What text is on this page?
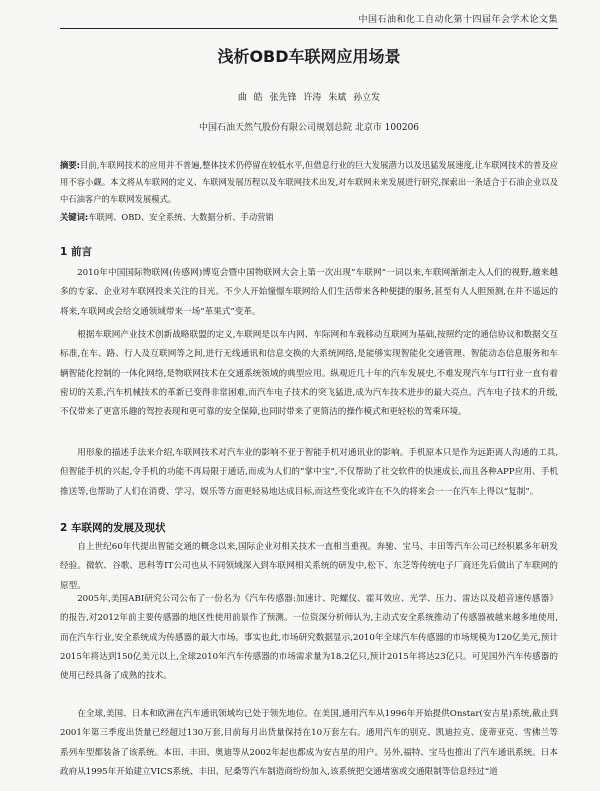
中国石油和化工自动化第十四届年会学术论文集
浅析OBD车联网应用场景
曲 皓 张先锋 许涛 朱斌 孙立发
中国石油天然气股份有限公司规划总院 北京市 100206
摘要:目前,车联网技术的应用并不普遍,整体技术仍停留在较低水平,但借息行业的巨大发展潜力以及迅猛发展速度,让车联网技术的普及应用不容小觑。本文将从车联网的定义、车联网发展历程以及车联网技术出发,对车联网未来发展进行研究,探索出一条适合于石油企业以及中石油客户的车联网发展模式。
关键词:车联网、OBD、安全系统、大数据分析、手动营销
1 前言
2010年中国国际物联网(传感网)博览会暨中国物联网大会上第一次出现“车联网”一词以来,车联网渐渐走入人们的视野,越来越多的专家、企业对车联网投来关注的目光。不少人开始憧憬车联网给人们生活带来各种便捷的服务,甚至有人人胆预测,在并不遥远的将来,车联网或会给交通领域带来一场“革果式”变革。
根据车联网产业技术创新战略联盟的定义,车联网是以车内网、车际网和车载移动互联网为基础,按照约定的通信协议和数据交互标准,在车、路、行人及互联网等之间,进行无线通讯和信息交换的大系统网络,是能够实现智能化交通管理、智能动态信息服务和车辆智能化控制的一体化网络,是物联网技术在交通系统领域的典型应用。纵观近几十年的汽车发展史,不难发现汽车与IT行业一直有着密切的关系,汽车机械技术的革新已变得非常困难,而汽车电子技术的突飞猛进,成为汽车技术进步的最大亮点。汽车电子技术的升级,不仅带来了更富乐趣的驾控表现和更可靠的安全保障,也同时带来了更简洁的操作模式和更轻松的驾乘环境。
用形象的描述手法来介绍,车联网技术对汽车业的影响不亚于智能手机对通讯业的影响。手机原本只是作为远距离人沟通的工具,但智能手机的兴起,令手机的功能不再局限于通话,而成为人们的“掌中宝”,不仅帮助了社交软件的快速成长,而且各种APP应用、手机推送等,也帮助了人们在消费、学习、娱乐等方面更轻易地达成目标,而这些变化或许在不久的将来会一一在汽车上得以“复制”。
2 车联网的发展及现状
自上世纪60年代提出智能交通的概念以来,国际企业对相关技术一直相当重视。奔驰、宝马、丰田等汽车公司已经积累多年研发经验。微软、谷歌、思科等IT公司也从不同领域深入到车联网相关系统的研发中,松下、东芝等传统电子厂商还先后做出了车联网的原型。
2005年,美国ABI研究公司公布了一份名为《汽车传感器:加速计、陀螺仪、霍耳效应、光学、压力、雷达以及超音速传感器》的报告,对2012年前主要传感器的地区性使用前景作了预测。一位资深分析师认为,主动式安全系统推动了传感器被越来越多地使用,而在汽车行业,安全系统成为传感器的最大市场。事实也此,市场研究数据显示,2010年全球汽车传感器的市场规模为120亿美元,预计2015年将达到150亿美元以上,全球2010年汽车传感器的市场需求量为18.2亿只,预计2015年将达23亿只。可见国外汽车传感器的使用已经具备了成熟的技术。
在全球,美国、日本和欧洲在汽车通讯领域均已处于领先地位。在美国,通用汽车从1996年开始提供Onstar(安吉星)系统,截止到2001年第三季度出货量已经超过130万套,目前每月出货量保持在10万套左右。通用汽车的别克、凯迪拉克、庞蒂亚克、雪佛兰等系列车型都装备了该系统。本田、丰田、奥迪等从2002年起也都成为安吉星的用户。另外,福特、宝马也推出了汽车通讯系统。日本政府从1995年开始建立VICS系统、丰田、尼桑等汽车制造商纷纷加入,该系统把交通堵塞或交通限制等信息经过“道
